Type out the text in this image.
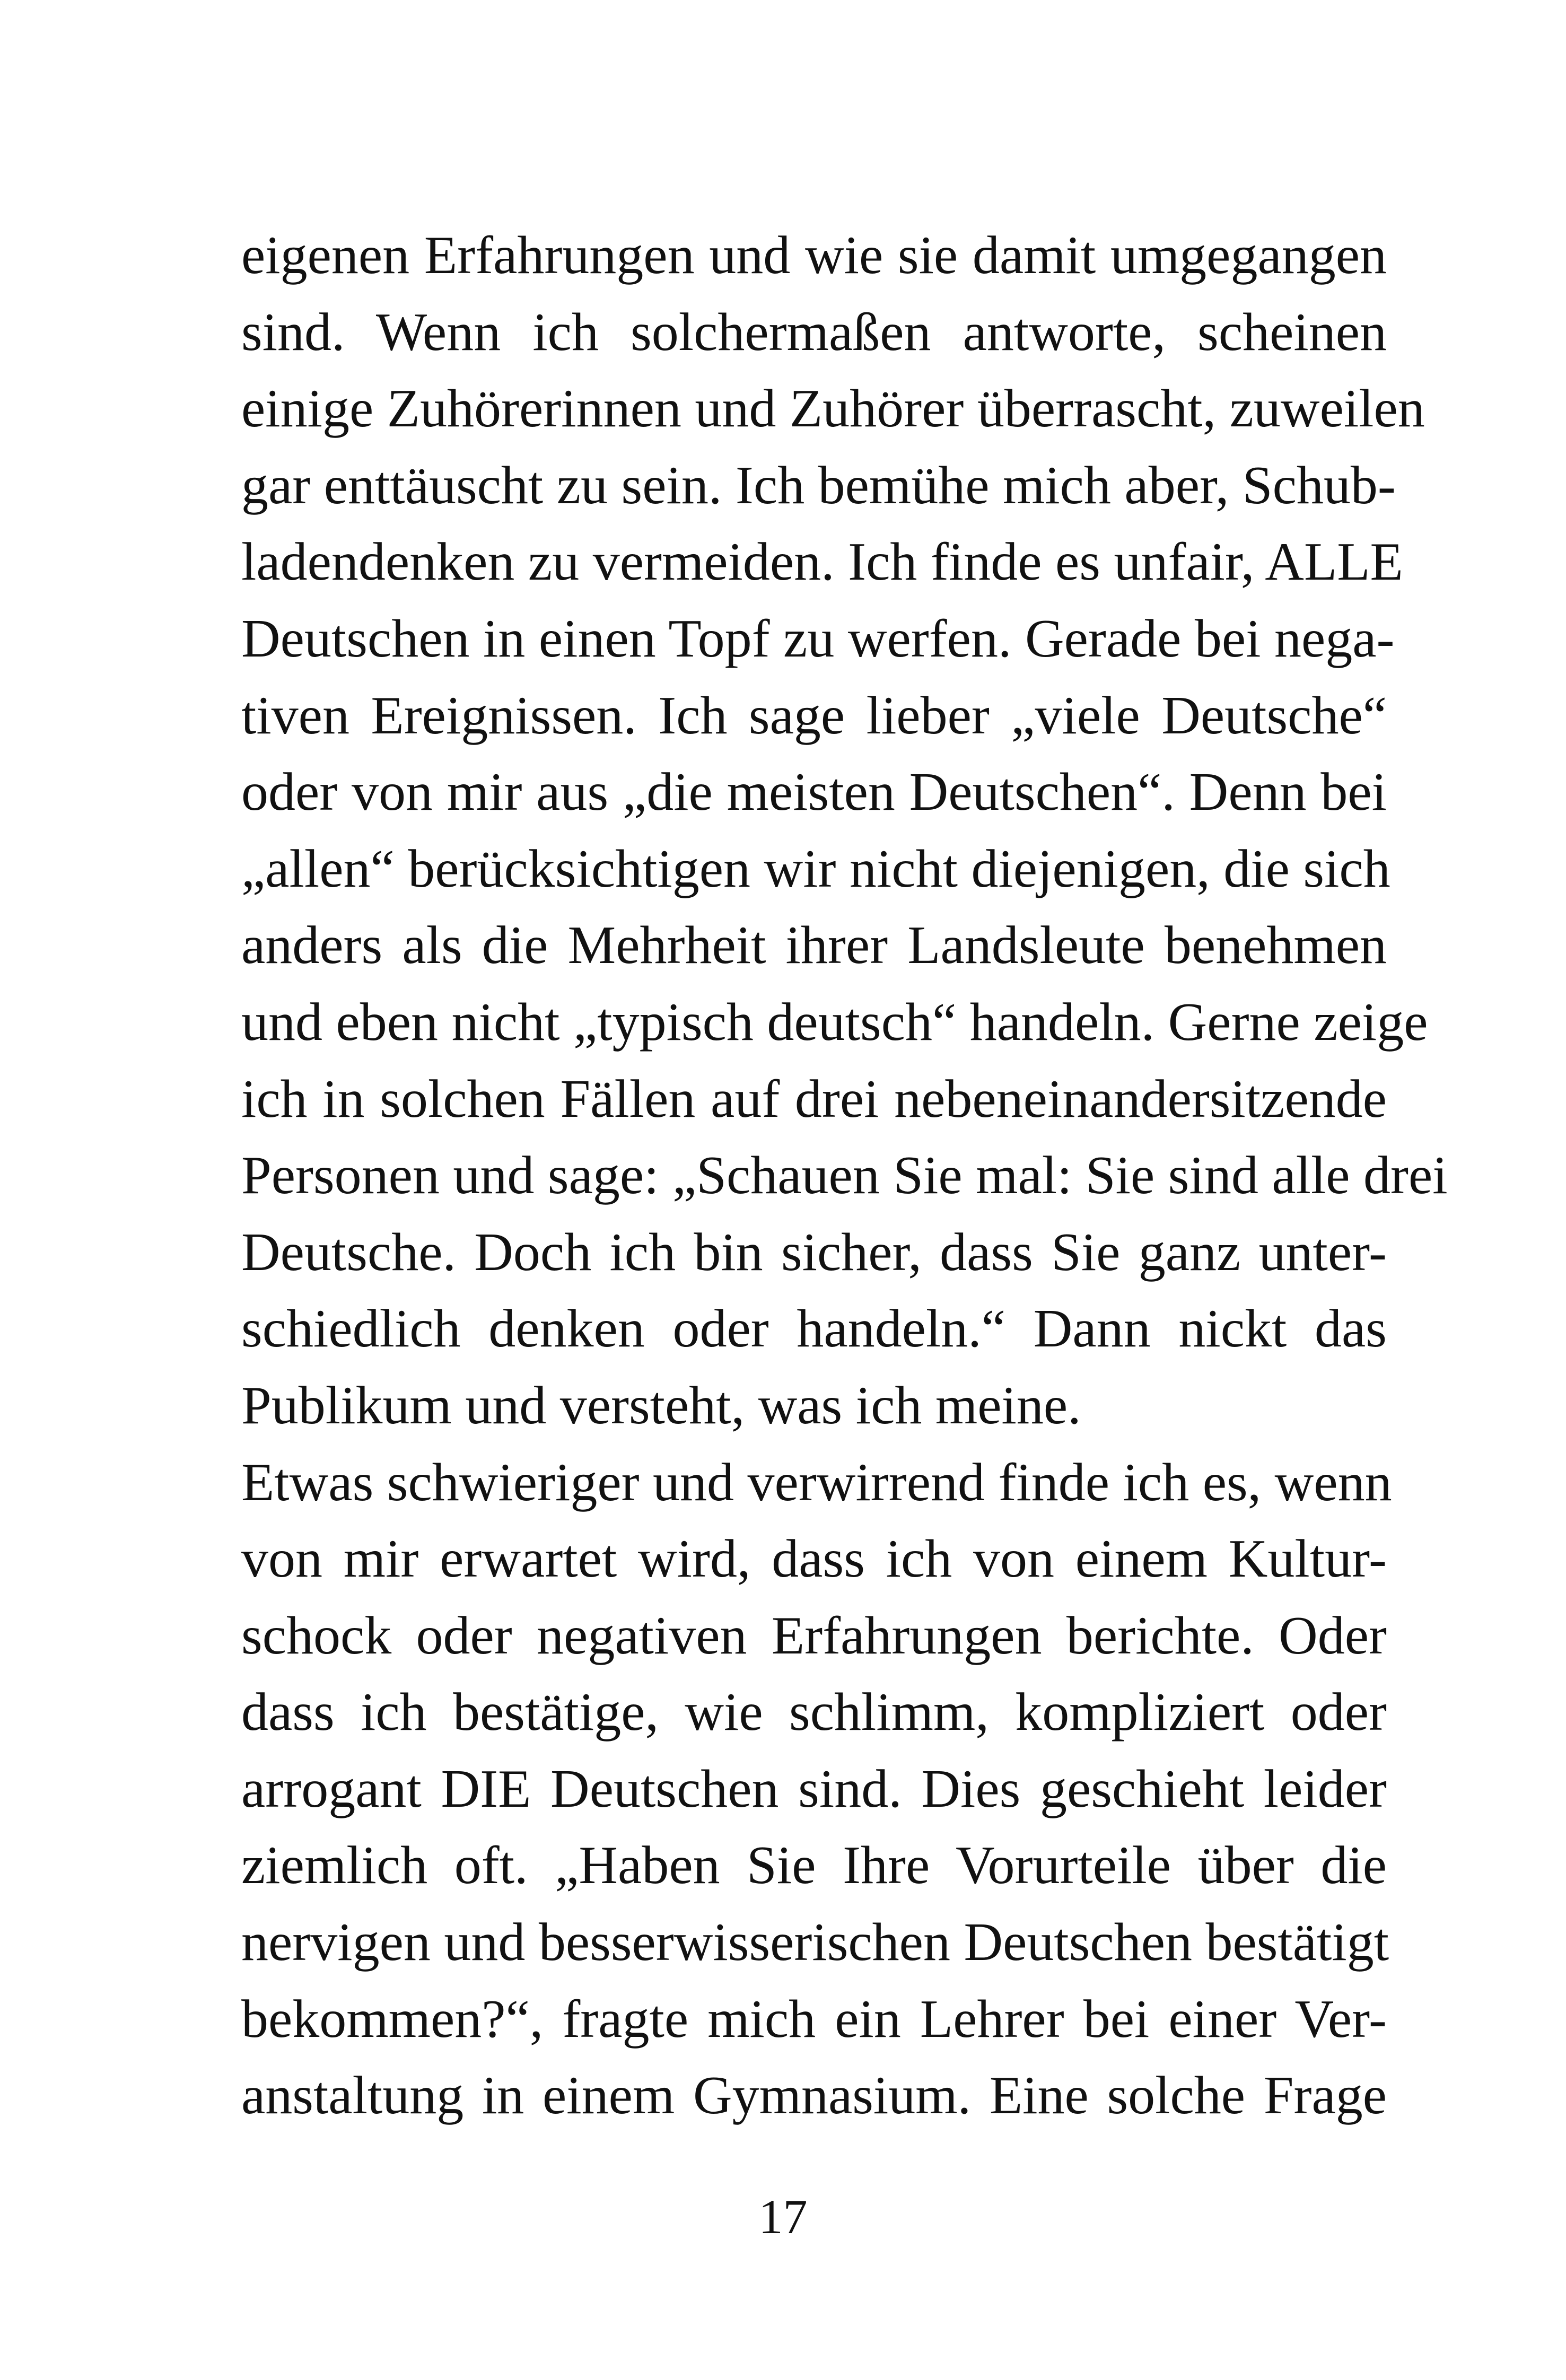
eigenen Erfahrungen und wie sie damit umgegangen
sind. Wenn ich solchermaßen antworte, scheinen
einige Zuhörerinnen und Zuhörer überrascht, zuweilen
gar enttäuscht zu sein. Ich bemühe mich aber, Schub-
ladendenken zu vermeiden. Ich finde es unfair, ALLE
Deutschen in einen Topf zu werfen. Gerade bei nega-
tiven Ereignissen. Ich sage lieber „viele Deutsche“
oder von mir aus „die meisten Deutschen“. Denn bei
„allen“ berücksichtigen wir nicht diejenigen, die sich
anders als die Mehrheit ihrer Landsleute benehmen
und eben nicht „typisch deutsch“ handeln. Gerne zeige
ich in solchen Fällen auf drei nebeneinandersitzende
Personen und sage: „Schauen Sie mal: Sie sind alle drei
Deutsche. Doch ich bin sicher, dass Sie ganz unter-
schiedlich denken oder handeln.“ Dann nickt das
Publikum und versteht, was ich meine.
Etwas schwieriger und verwirrend finde ich es, wenn
von mir erwartet wird, dass ich von einem Kultur-
schock oder negativen Erfahrungen berichte. Oder
dass ich bestätige, wie schlimm, kompliziert oder
arrogant DIE Deutschen sind. Dies geschieht leider
ziemlich oft. „Haben Sie Ihre Vorurteile über die
nervigen und besserwisserischen Deutschen bestätigt
bekommen?“, fragte mich ein Lehrer bei einer Ver-
anstaltung in einem Gymnasium. Eine solche Frage
17
